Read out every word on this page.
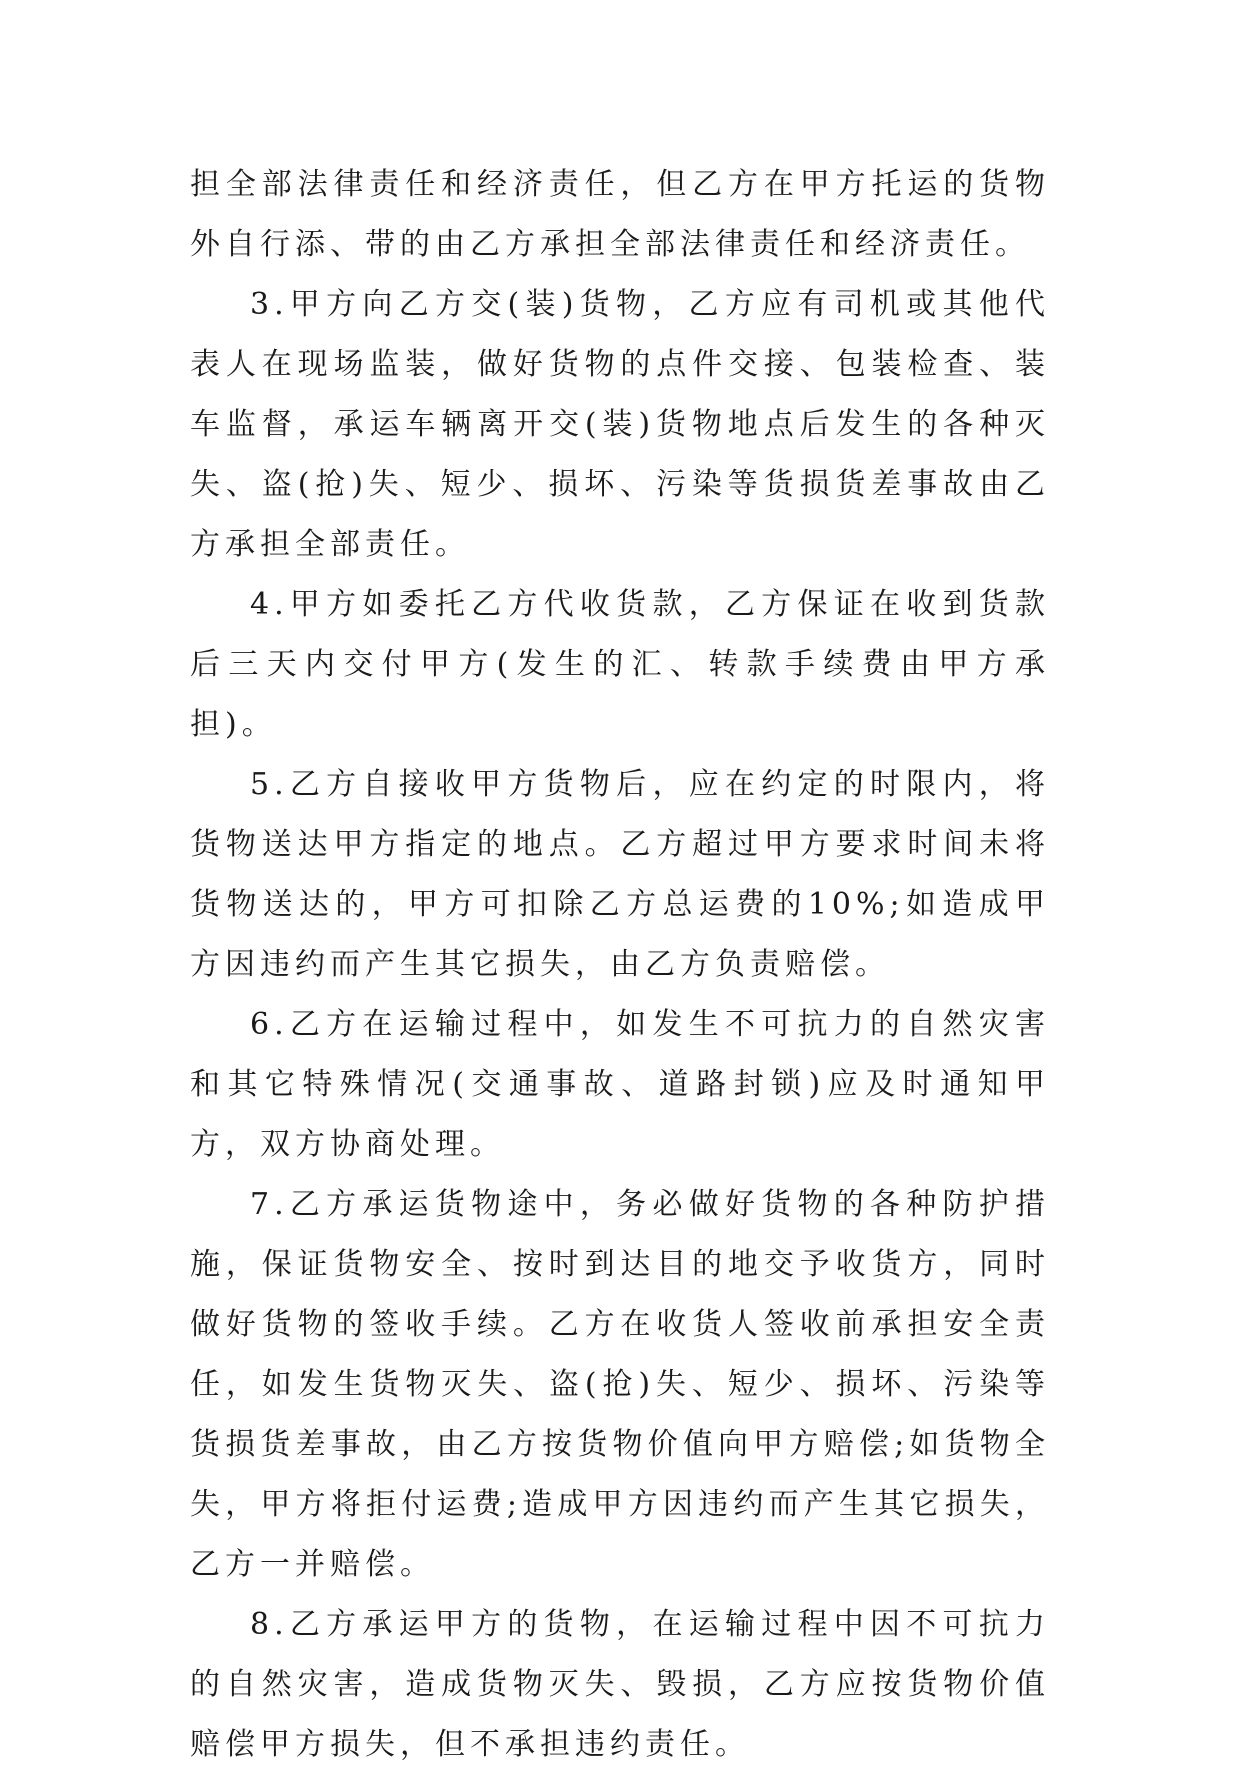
担全部法律责任和经济责任，但乙方在甲方托运的货物外自行添、带的由乙方承担全部法律责任和经济责任。

3.甲方向乙方交(装)货物，乙方应有司机或其他代表人在现场监装，做好货物的点件交接、包装检查、装车监督，承运车辆离开交(装)货物地点后发生的各种灭失、盗(抢)失、短少、损坏、污染等货损货差事故由乙方承担全部责任。

4.甲方如委托乙方代收货款，乙方保证在收到货款后三天内交付甲方(发生的汇、转款手续费由甲方承担)。

5.乙方自接收甲方货物后，应在约定的时限内，将货物送达甲方指定的地点。乙方超过甲方要求时间未将货物送达的，甲方可扣除乙方总运费的10%;如造成甲方因违约而产生其它损失，由乙方负责赔偿。

6.乙方在运输过程中，如发生不可抗力的自然灾害和其它特殊情况(交通事故、道路封锁)应及时通知甲方，双方协商处理。

7.乙方承运货物途中，务必做好货物的各种防护措施，保证货物安全、按时到达目的地交予收货方，同时做好货物的签收手续。乙方在收货人签收前承担安全责任，如发生货物灭失、盗(抢)失、短少、损坏、污染等货损货差事故，由乙方按货物价值向甲方赔偿;如货物全失，甲方将拒付运费;造成甲方因违约而产生其它损失，乙方一并赔偿。

8.乙方承运甲方的货物，在运输过程中因不可抗力的自然灾害，造成货物灭失、毁损，乙方应按货物价值赔偿甲方损失，但不承担违约责任。
